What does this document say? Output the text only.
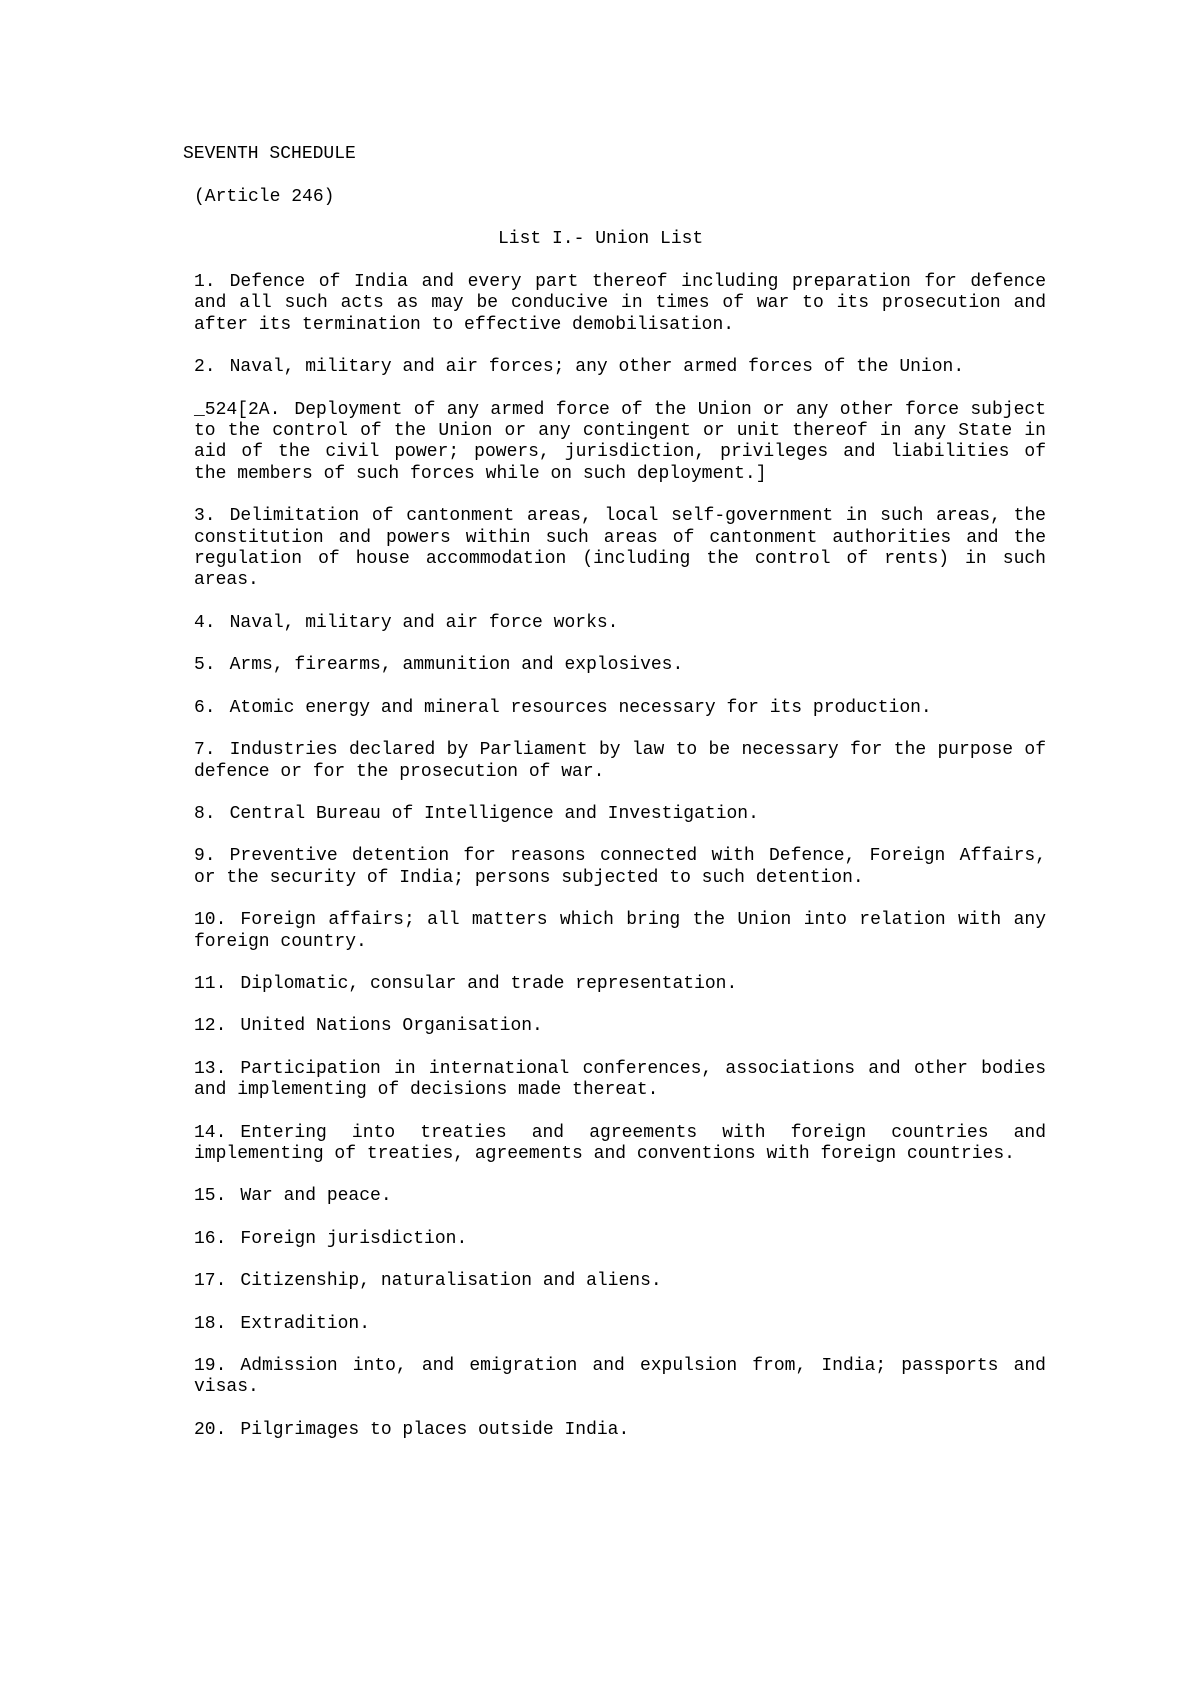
SEVENTH SCHEDULE
(Article 246)
List I.- Union List
1. Defence of India and every part thereof including preparation for defence and all such acts as may be conducive in times of war to its prosecution and after its termination to effective demobilisation.
2. Naval, military and air forces; any other armed forces of the Union.
_524[2A. Deployment of any armed force of the Union or any other force subject to the control of the Union or any contingent or unit thereof in any State in aid of the civil power; powers, jurisdiction, privileges and liabilities of the members of such forces while on such deployment.]
3. Delimitation of cantonment areas, local self-government in such areas, the constitution and powers within such areas of cantonment authorities and the regulation of house accommodation (including the control of rents) in such areas.
4. Naval, military and air force works.
5. Arms, firearms, ammunition and explosives.
6. Atomic energy and mineral resources necessary for its production.
7. Industries declared by Parliament by law to be necessary for the purpose of defence or for the prosecution of war.
8. Central Bureau of Intelligence and Investigation.
9. Preventive detention for reasons connected with Defence, Foreign Affairs, or the security of India; persons subjected to such detention.
10. Foreign affairs; all matters which bring the Union into relation with any foreign country.
11. Diplomatic, consular and trade representation.
12. United Nations Organisation.
13. Participation in international conferences, associations and other bodies and implementing of decisions made thereat.
14. Entering into treaties and agreements with foreign countries and implementing of treaties, agreements and conventions with foreign countries.
15. War and peace.
16. Foreign jurisdiction.
17. Citizenship, naturalisation and aliens.
18. Extradition.
19. Admission into, and emigration and expulsion from, India; passports and visas.
20. Pilgrimages to places outside India.
